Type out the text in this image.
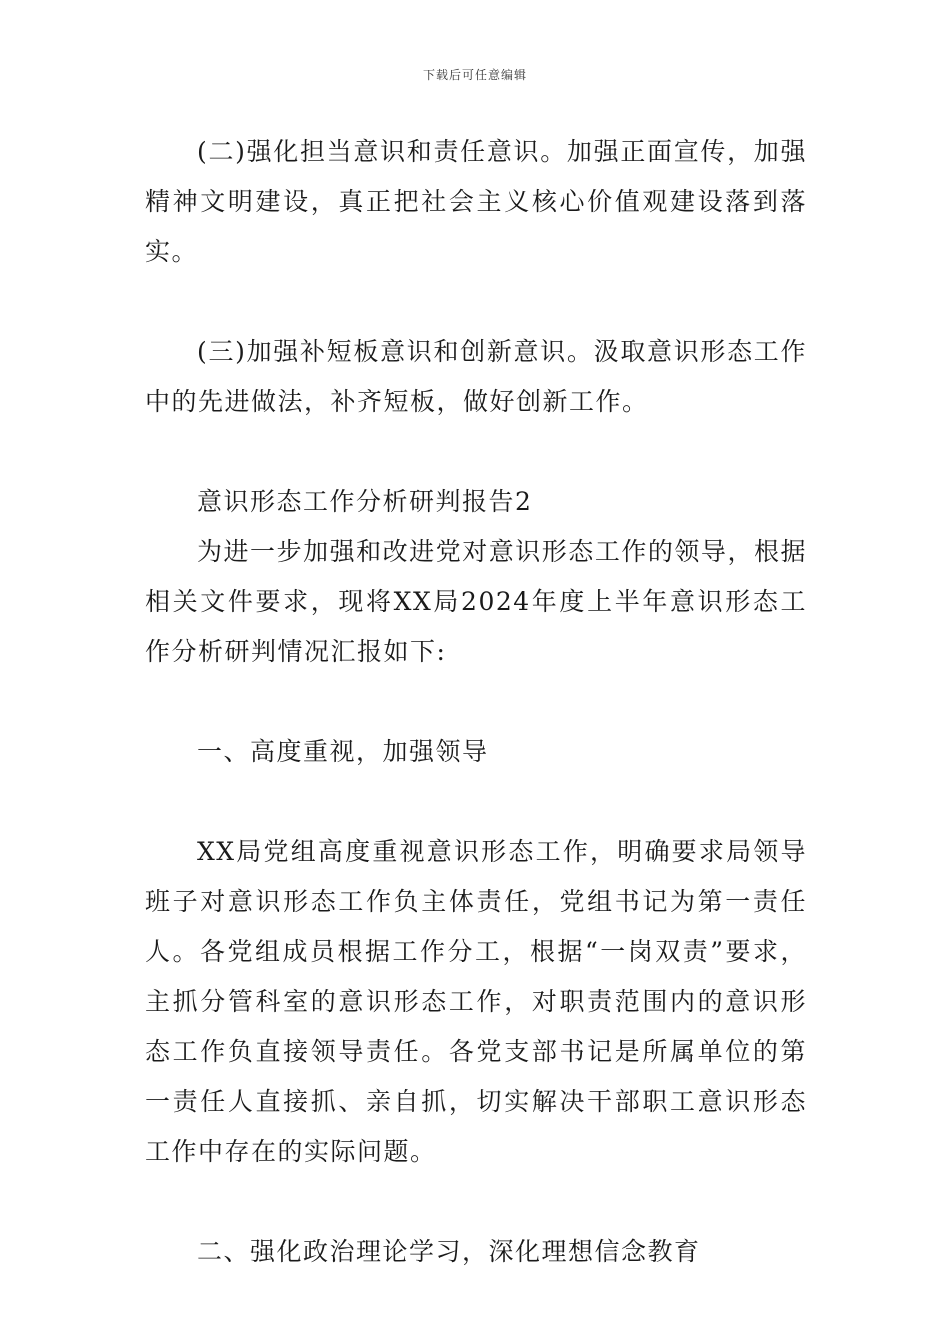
下载后可任意编辑

(二)强化担当意识和责任意识。加强正面宣传，加强精神文明建设，真正把社会主义核心价值观建设落到落实。

(三)加强补短板意识和创新意识。汲取意识形态工作中的先进做法，补齐短板，做好创新工作。

意识形态工作分析研判报告2

为进一步加强和改进党对意识形态工作的领导，根据相关文件要求，现将XX局2024年度上半年意识形态工作分析研判情况汇报如下:

一、高度重视，加强领导

XX局党组高度重视意识形态工作，明确要求局领导班子对意识形态工作负主体责任，党组书记为第一责任人。各党组成员根据工作分工，根据“一岗双责”要求，主抓分管科室的意识形态工作，对职责范围内的意识形态工作负直接领导责任。各党支部书记是所属单位的第一责任人直接抓、亲自抓，切实解决干部职工意识形态工作中存在的实际问题。

二、强化政治理论学习，深化理想信念教育
